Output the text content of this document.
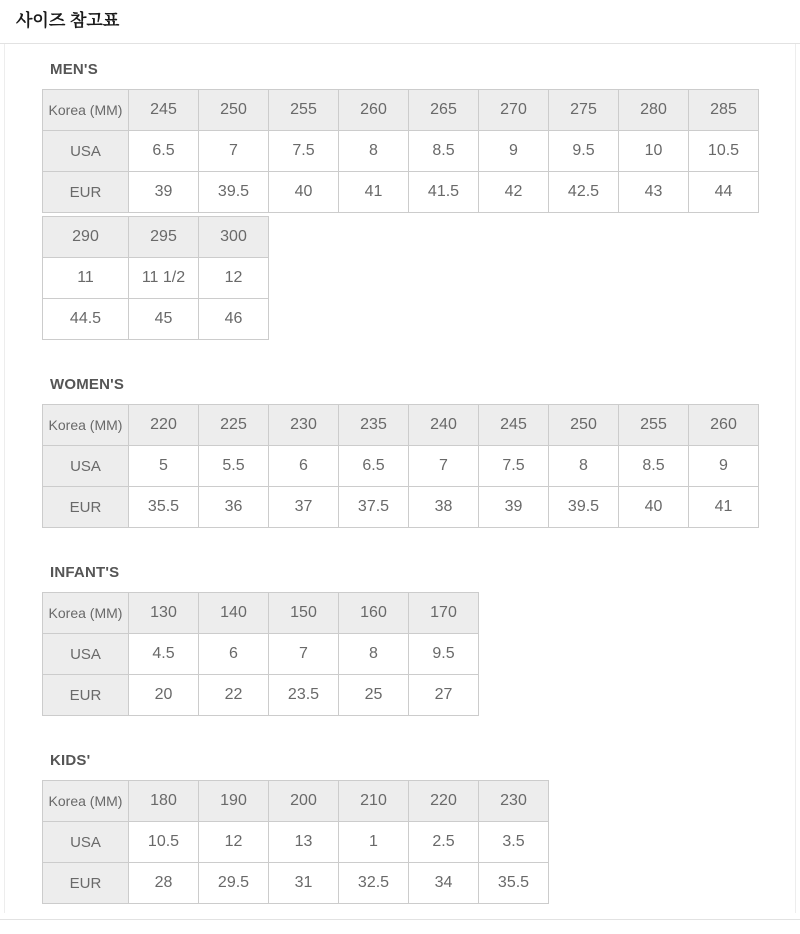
사이즈 참고표
MEN'S
Korea (MM)	245	250	255	260	265	270	275	280	285
USA	6.5	7	7.5	8	8.5	9	9.5	10	10.5
EUR	39	39.5	40	41	41.5	42	42.5	43	44
290	295	300
11	11 1/2	12
44.5	45	46
WOMEN'S
Korea (MM)	220	225	230	235	240	245	250	255	260
USA	5	5.5	6	6.5	7	7.5	8	8.5	9
EUR	35.5	36	37	37.5	38	39	39.5	40	41
INFANT'S
Korea (MM)	130	140	150	160	170
USA	4.5	6	7	8	9.5
EUR	20	22	23.5	25	27
KIDS'
Korea (MM)	180	190	200	210	220	230
USA	10.5	12	13	1	2.5	3.5
EUR	28	29.5	31	32.5	34	35.5
